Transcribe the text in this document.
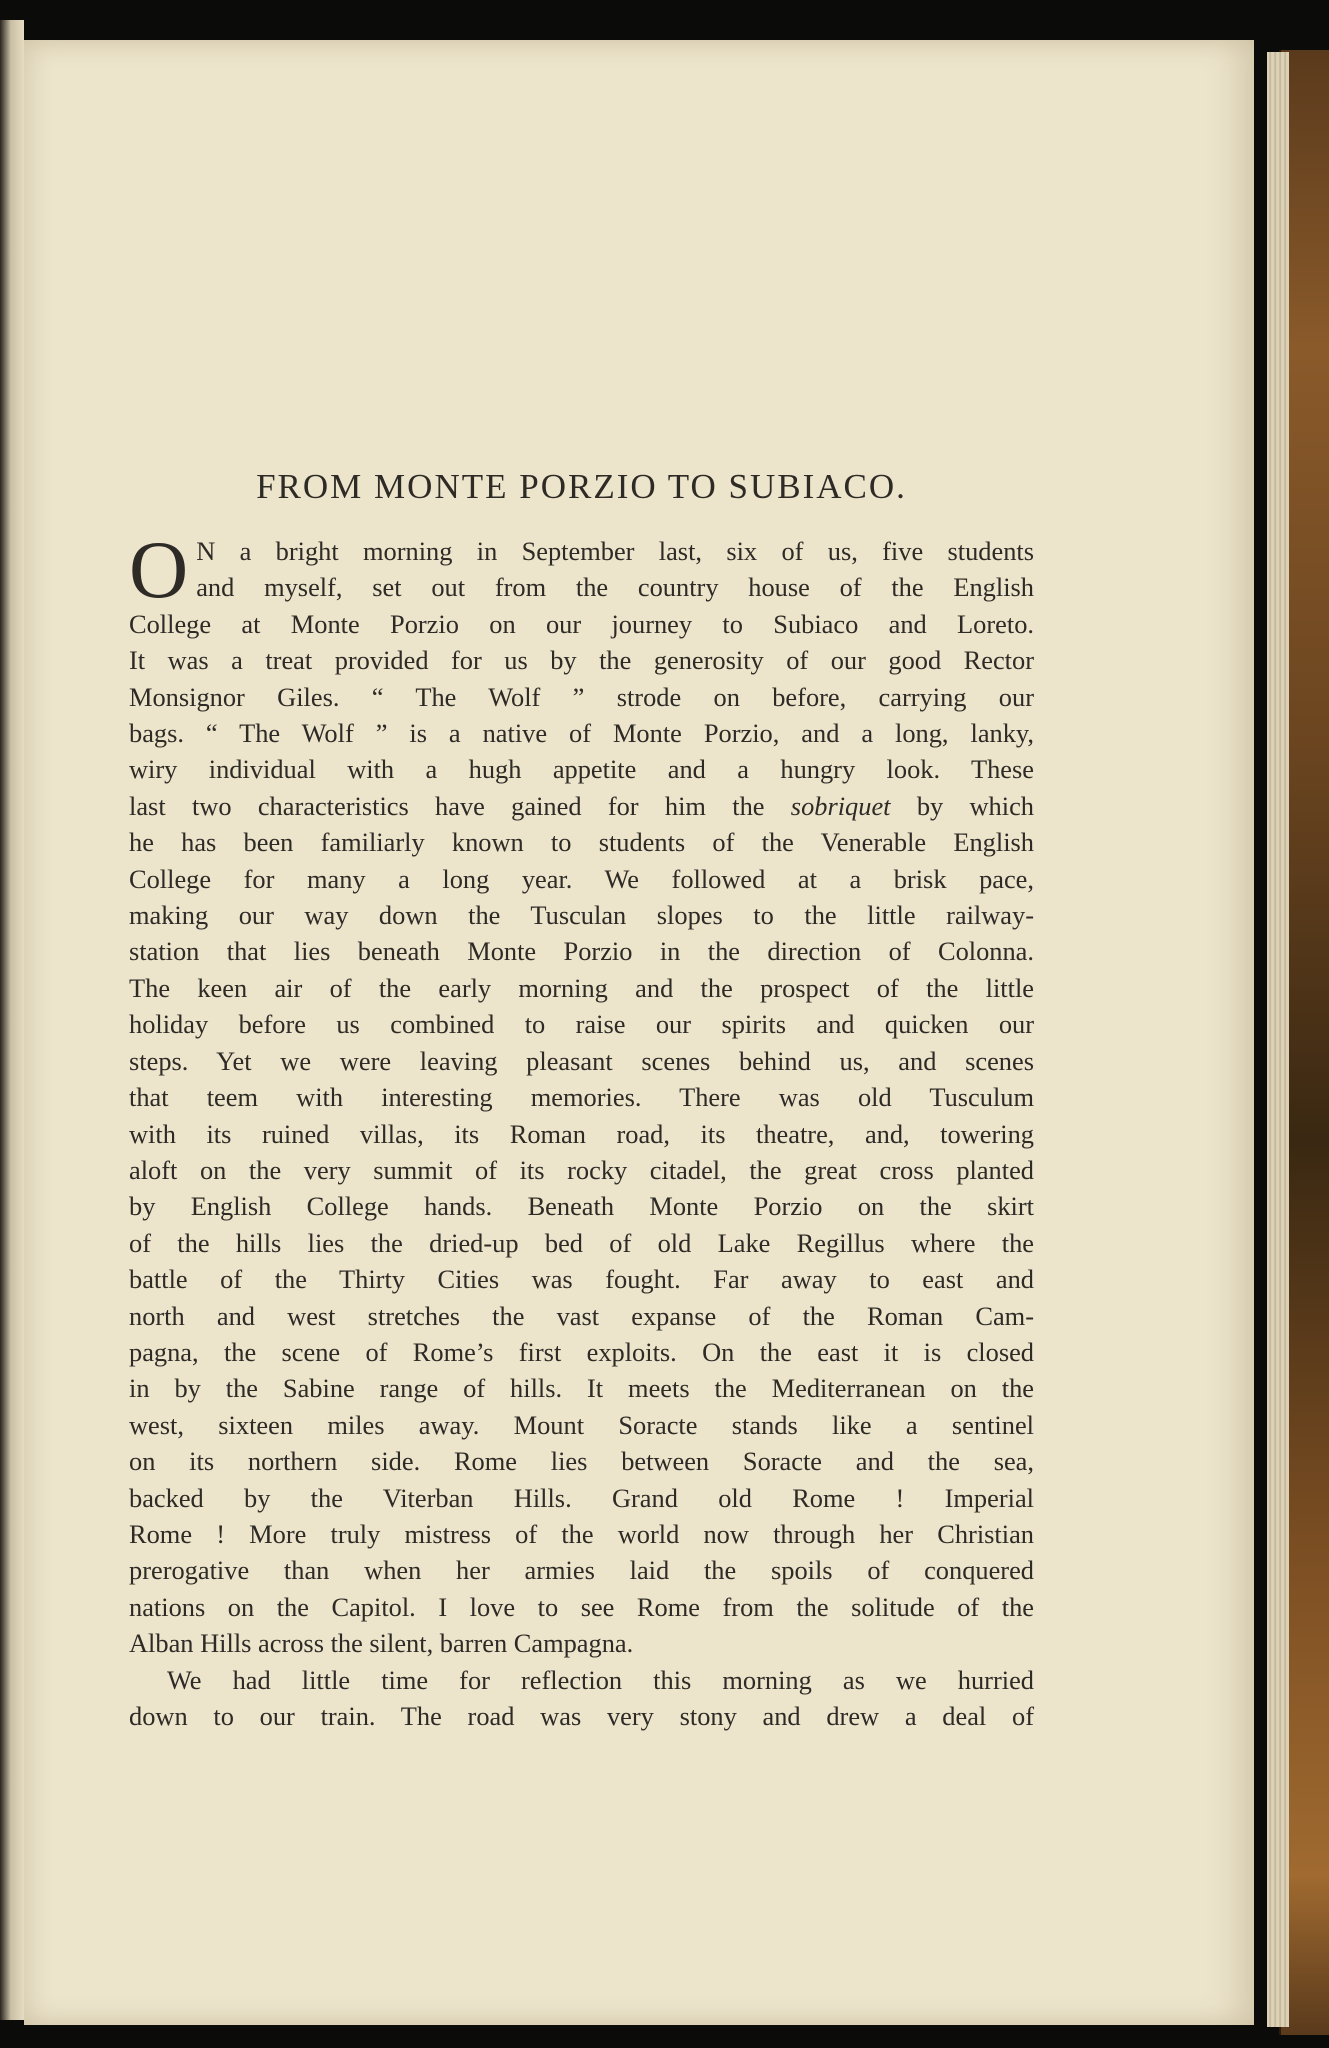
FROM MONTE PORZIO TO SUBIACO.
O N a bright morning in September last, six of us, five students
and myself, set out from the country house of the English
College at Monte Porzio on our journey to Subiaco and Loreto.
It was a treat provided for us by the generosity of our good Rector
Monsignor Giles. “ The Wolf ” strode on before, carrying our
bags. “ The Wolf ” is a native of Monte Porzio, and a long, lanky,
wiry individual with a hugh appetite and a hungry look. These
last two characteristics have gained for him the sobriquet by which
he has been familiarly known to students of the Venerable English
College for many a long year. We followed at a brisk pace,
making our way down the Tusculan slopes to the little railway-
station that lies beneath Monte Porzio in the direction of Colonna.
The keen air of the early morning and the prospect of the little
holiday before us combined to raise our spirits and quicken our
steps. Yet we were leaving pleasant scenes behind us, and scenes
that teem with interesting memories. There was old Tusculum
with its ruined villas, its Roman road, its theatre, and, towering
aloft on the very summit of its rocky citadel, the great cross planted
by English College hands. Beneath Monte Porzio on the skirt
of the hills lies the dried-up bed of old Lake Regillus where the
battle of the Thirty Cities was fought. Far away to east and
north and west stretches the vast expanse of the Roman Cam-
pagna, the scene of Rome’s first exploits. On the east it is closed
in by the Sabine range of hills. It meets the Mediterranean on the
west, sixteen miles away. Mount Soracte stands like a sentinel
on its northern side. Rome lies between Soracte and the sea,
backed by the Viterban Hills. Grand old Rome ! Imperial
Rome ! More truly mistress of the world now through her Christian
prerogative than when her armies laid the spoils of conquered
nations on the Capitol. I love to see Rome from the solitude of the
Alban Hills across the silent, barren Campagna.
We had little time for reflection this morning as we hurried
down to our train. The road was very stony and drew a deal of
